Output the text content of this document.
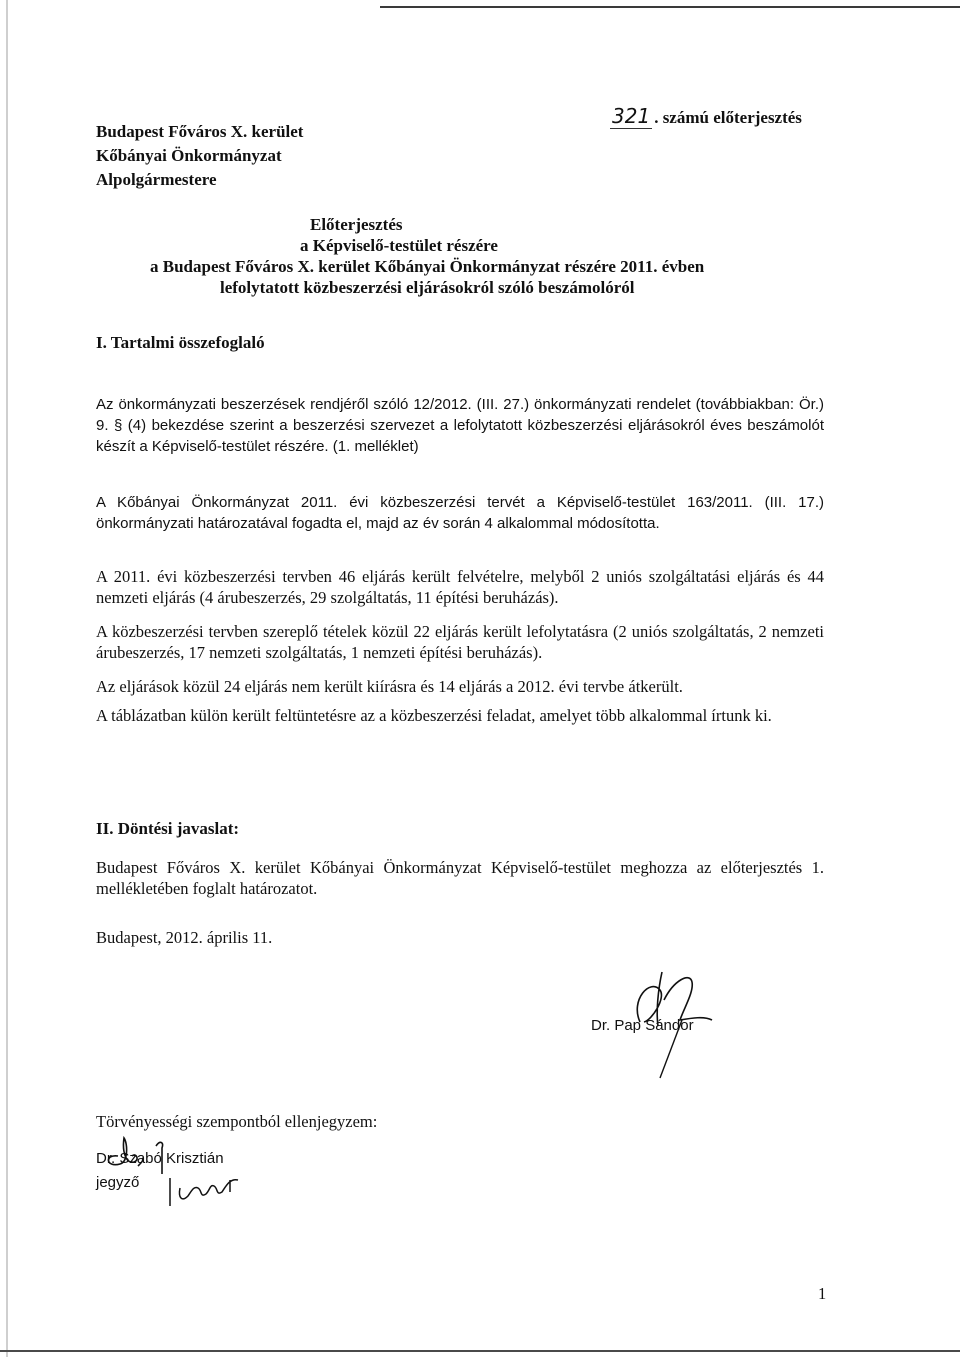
Budapest Főváros X. kerület
Kőbányai Önkormányzat
Alpolgármestere
321 . számú előterjesztés
Előterjesztés
a Képviselő-testület részére
a Budapest Főváros X. kerület Kőbányai Önkormányzat részére 2011. évben
lefolytatott közbeszerzési eljárásokról szóló beszámolóról
I. Tartalmi összefoglaló
Az önkormányzati beszerzések rendjéről szóló 12/2012. (III. 27.) önkormányzati rendelet (továbbiakban: Ör.) 9. § (4) bekezdése szerint a beszerzési szervezet a lefolytatott közbeszerzési eljárásokról éves beszámolót készít a Képviselő-testület részére. (1. melléklet)
A Kőbányai Önkormányzat 2011. évi közbeszerzési tervét a Képviselő-testület 163/2011. (III. 17.) önkormányzati határozatával fogadta el, majd az év során 4 alkalommal módosította.
A 2011. évi közbeszerzési tervben 46 eljárás került felvételre, melyből 2 uniós szolgáltatási eljárás és 44 nemzeti eljárás (4 árubeszerzés, 29 szolgáltatás, 11 építési beruházás).
A közbeszerzési tervben szereplő tételek közül 22 eljárás került lefolytatásra (2 uniós szolgáltatás, 2 nemzeti árubeszerzés, 17 nemzeti szolgáltatás, 1 nemzeti építési beruházás).
Az eljárások közül 24 eljárás nem került kiírásra és 14 eljárás a 2012. évi tervbe átkerült.
A táblázatban külön került feltüntetésre az a közbeszerzési feladat, amelyet több alkalommal írtunk ki.
II. Döntési javaslat:
Budapest Főváros X. kerület Kőbányai Önkormányzat Képviselő-testület meghozza az előterjesztés 1. mellékletében foglalt határozatot.
Budapest, 2012. április 11.
Dr. Pap Sándor
Törvényességi szempontból ellenjegyzem:
Dr. Szabó Krisztián
jegyző
1
